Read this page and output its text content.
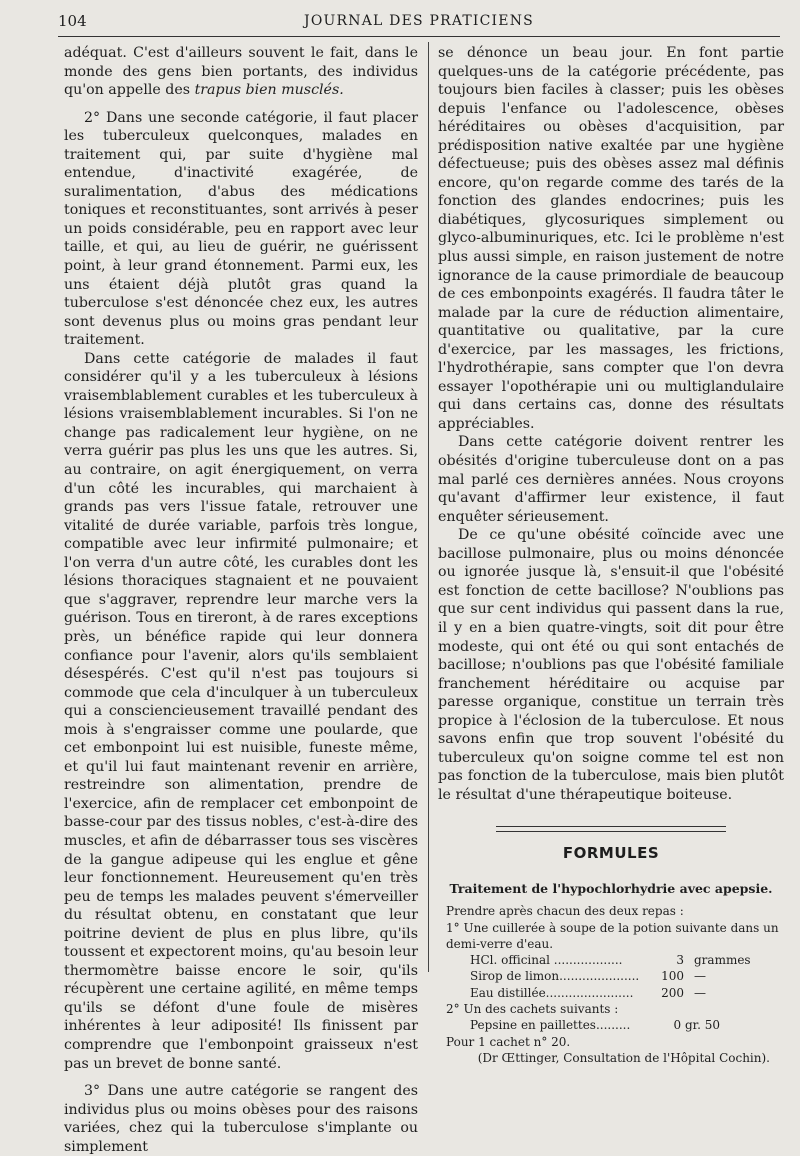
104	JOURNAL DES PRATICIENS

adéquat. C'est d'ailleurs souvent le fait, dans le monde des gens bien portants, des individus qu'on appelle des trapus bien musclés.

2° Dans une seconde catégorie, il faut placer les tuberculeux quelconques, malades en traitement qui, par suite d'hygiène mal entendue, d'inactivité exagérée, de suralimentation, d'abus des médications toniques et reconstituantes, sont arrivés à peser un poids considérable, peu en rapport avec leur taille, et qui, au lieu de guérir, ne guérissent point, à leur grand étonnement. Parmi eux, les uns étaient déjà plutôt gras quand la tuberculose s'est dénoncée chez eux, les autres sont devenus plus ou moins gras pendant leur traitement.

Dans cette catégorie de malades il faut considérer qu'il y a les tuberculeux à lésions vraisemblablement curables et les tuberculeux à lésions vraisemblablement incurables. Si l'on ne change pas radicalement leur hygiène, on ne verra guérir pas plus les uns que les autres. Si, au contraire, on agit énergiquement, on verra d'un côté les incurables, qui marchaient à grands pas vers l'issue fatale, retrouver une vitalité de durée variable, parfois très longue, compatible avec leur infirmité pulmonaire; et l'on verra d'un autre côté, les curables dont les lésions thoraciques stagnaient et ne pouvaient que s'aggraver, reprendre leur marche vers la guérison. Tous en tireront, à de rares exceptions près, un bénéfice rapide qui leur donnera confiance pour l'avenir, alors qu'ils semblaient désespérés. C'est qu'il n'est pas toujours si commode que cela d'inculquer à un tuberculeux qui a consciencieusement travaillé pendant des mois à s'engraisser comme une poularde, que cet embonpoint lui est nuisible, funeste même, et qu'il lui faut maintenant revenir en arrière, restreindre son alimentation, prendre de l'exercice, afin de remplacer cet embonpoint de basse-cour par des tissus nobles, c'est-à-dire des muscles, et afin de débarrasser tous ses viscères de la gangue adipeuse qui les englue et gêne leur fonctionnement. Heureusement qu'en très peu de temps les malades peuvent s'émerveiller du résultat obtenu, en constatant que leur poitrine devient de plus en plus libre, qu'ils toussent et expectorent moins, qu'au besoin leur thermomètre baisse encore le soir, qu'ils récupèrent une certaine agilité, en même temps qu'ils se défont d'une foule de misères inhérentes à leur adiposité! Ils finissent par comprendre que l'embonpoint graisseux n'est pas un brevet de bonne santé.

3° Dans une autre catégorie se rangent des individus plus ou moins obèses pour des raisons variées, chez qui la tuberculose s'implante ou simplement

se dénonce un beau jour. En font partie quelques-uns de la catégorie précédente, pas toujours bien faciles à classer; puis les obèses depuis l'enfance ou l'adolescence, obèses héréditaires ou obèses d'acquisition, par prédisposition native exaltée par une hygiène défectueuse; puis des obèses assez mal définis encore, qu'on regarde comme des tarés de la fonction des glandes endocrines; puis les diabétiques, glycosuriques simplement ou glyco-albuminuriques, etc. Ici le problème n'est plus aussi simple, en raison justement de notre ignorance de la cause primordiale de beaucoup de ces embonpoints exagérés. Il faudra tâter le malade par la cure de réduction alimentaire, quantitative ou qualitative, par la cure d'exercice, par les massages, les frictions, l'hydrothérapie, sans compter que l'on devra essayer l'opothérapie uni ou multiglandulaire qui dans certains cas, donne des résultats appréciables.

Dans cette catégorie doivent rentrer les obésités d'origine tuberculeuse dont on a pas mal parlé ces dernières années. Nous croyons qu'avant d'affirmer leur existence, il faut enquêter sérieusement.

De ce qu'une obésité coïncide avec une bacillose pulmonaire, plus ou moins dénoncée ou ignorée jusque là, s'ensuit-il que l'obésité est fonction de cette bacillose? N'oublions pas que sur cent individus qui passent dans la rue, il y en a bien quatre-vingts, soit dit pour être modeste, qui ont été ou qui sont entachés de bacillose; n'oublions pas que l'obésité familiale franchement héréditaire ou acquise par paresse organique, constitue un terrain très propice à l'éclosion de la tuberculose. Et nous savons enfin que trop souvent l'obésité du tuberculeux qu'on soigne comme tel est non pas fonction de la tuberculose, mais bien plutôt le résultat d'une thérapeutique boiteuse.

FORMULES
Traitement de l'hypochlorhydrie avec apepsie.
Prendre après chacun des deux repas :
1° Une cuillerée à soupe de la potion suivante dans un demi-verre d'eau.
HCl. officinal ..................	3 grammes
Sirop de limon.....................	100 —
Eau distillée.......................	200 —
2° Un des cachets suivants :
Pepsine en paillettes.........	0 gr. 50
Pour 1 cachet n° 20.
(Dr Œttinger, Consultation de l'Hôpital Cochin).
